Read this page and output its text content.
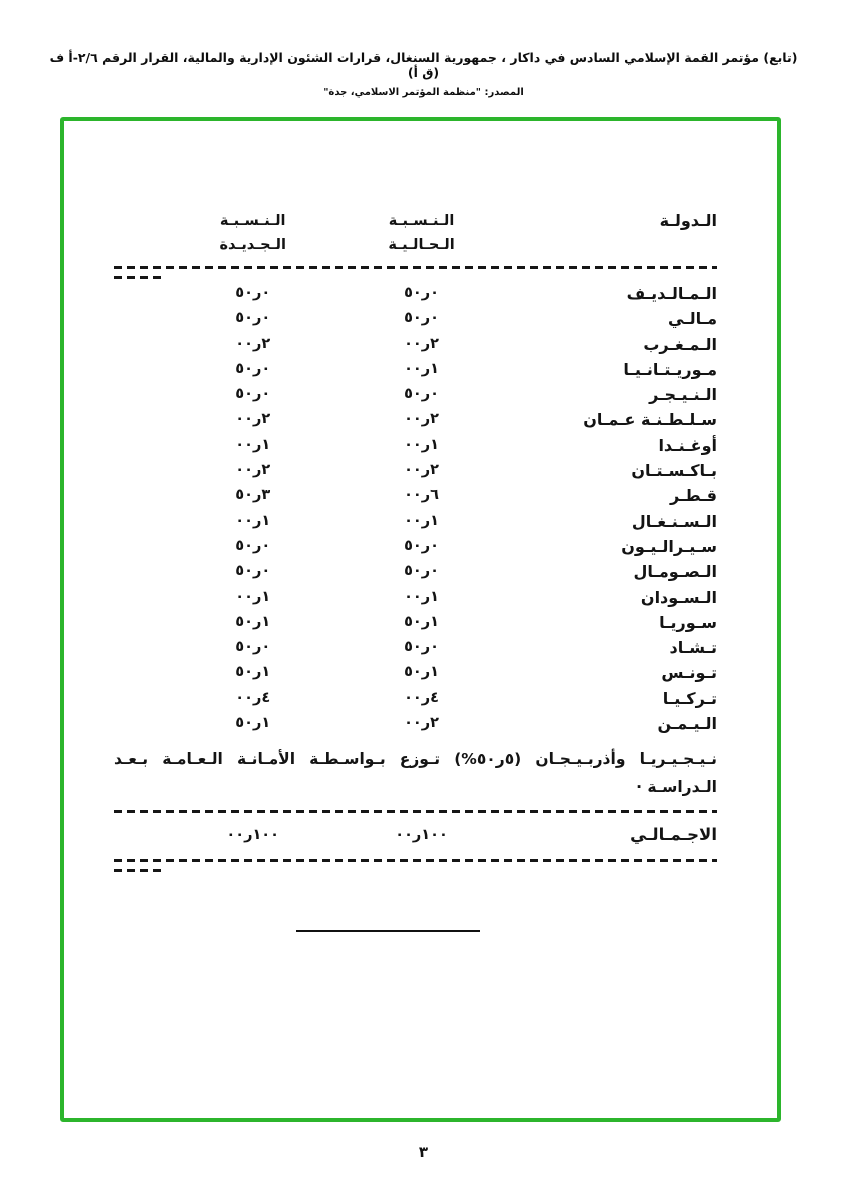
(تابع) مؤتمر القمة الإسلامي السادس في داكار ، جمهورية السنغال، قرارات الشئون الإدارية والمالية، القرار الرقم ٢/٦-أ ف (ق أ)
المصدر: "منظمة المؤتمر الاسلامي، جدة"
الـدولـة
الـنـسـبـة
الـحـالـيـة
الـنـسـبـة
الـجـديـدة
الـمـالـديـف
٠ر٥٠
٠ر٥٠
مـالـي
٠ر٥٠
٠ر٥٠
الـمـغـرب
٢ر٠٠
٢ر٠٠
مـوريـتـانـيـا
١ر٠٠
٠ر٥٠
الـنـيـجـر
٠ر٥٠
٠ر٥٠
سـلـطـنـة عـمـان
٢ر٠٠
٢ر٠٠
أوغـنـدا
١ر٠٠
١ر٠٠
بـاكـسـتـان
٢ر٠٠
٢ر٠٠
قـطـر
٦ر٠٠
٣ر٥٠
الـسـنـغـال
١ر٠٠
١ر٠٠
سـيـرالـيـون
٠ر٥٠
٠ر٥٠
الـصـومـال
٠ر٥٠
٠ر٥٠
الـسـودان
١ر٠٠
١ر٠٠
سـوريـا
١ر٥٠
١ر٥٠
تـشـاد
٠ر٥٠
٠ر٥٠
تـونـس
١ر٥٠
١ر٥٠
تـركـيـا
٤ر٠٠
٤ر٠٠
الـيـمـن
٢ر٠٠
١ر٥٠
نـيـجـيـريـا وأذربـيـجـان (٥ر٥٠%) تـوزع بـواسـطـة الأمـانـة الـعـامـة بـعـد
الـدراسـة ·
الاجـمـالـي
١٠٠ر٠٠
١٠٠ر٠٠
٣
